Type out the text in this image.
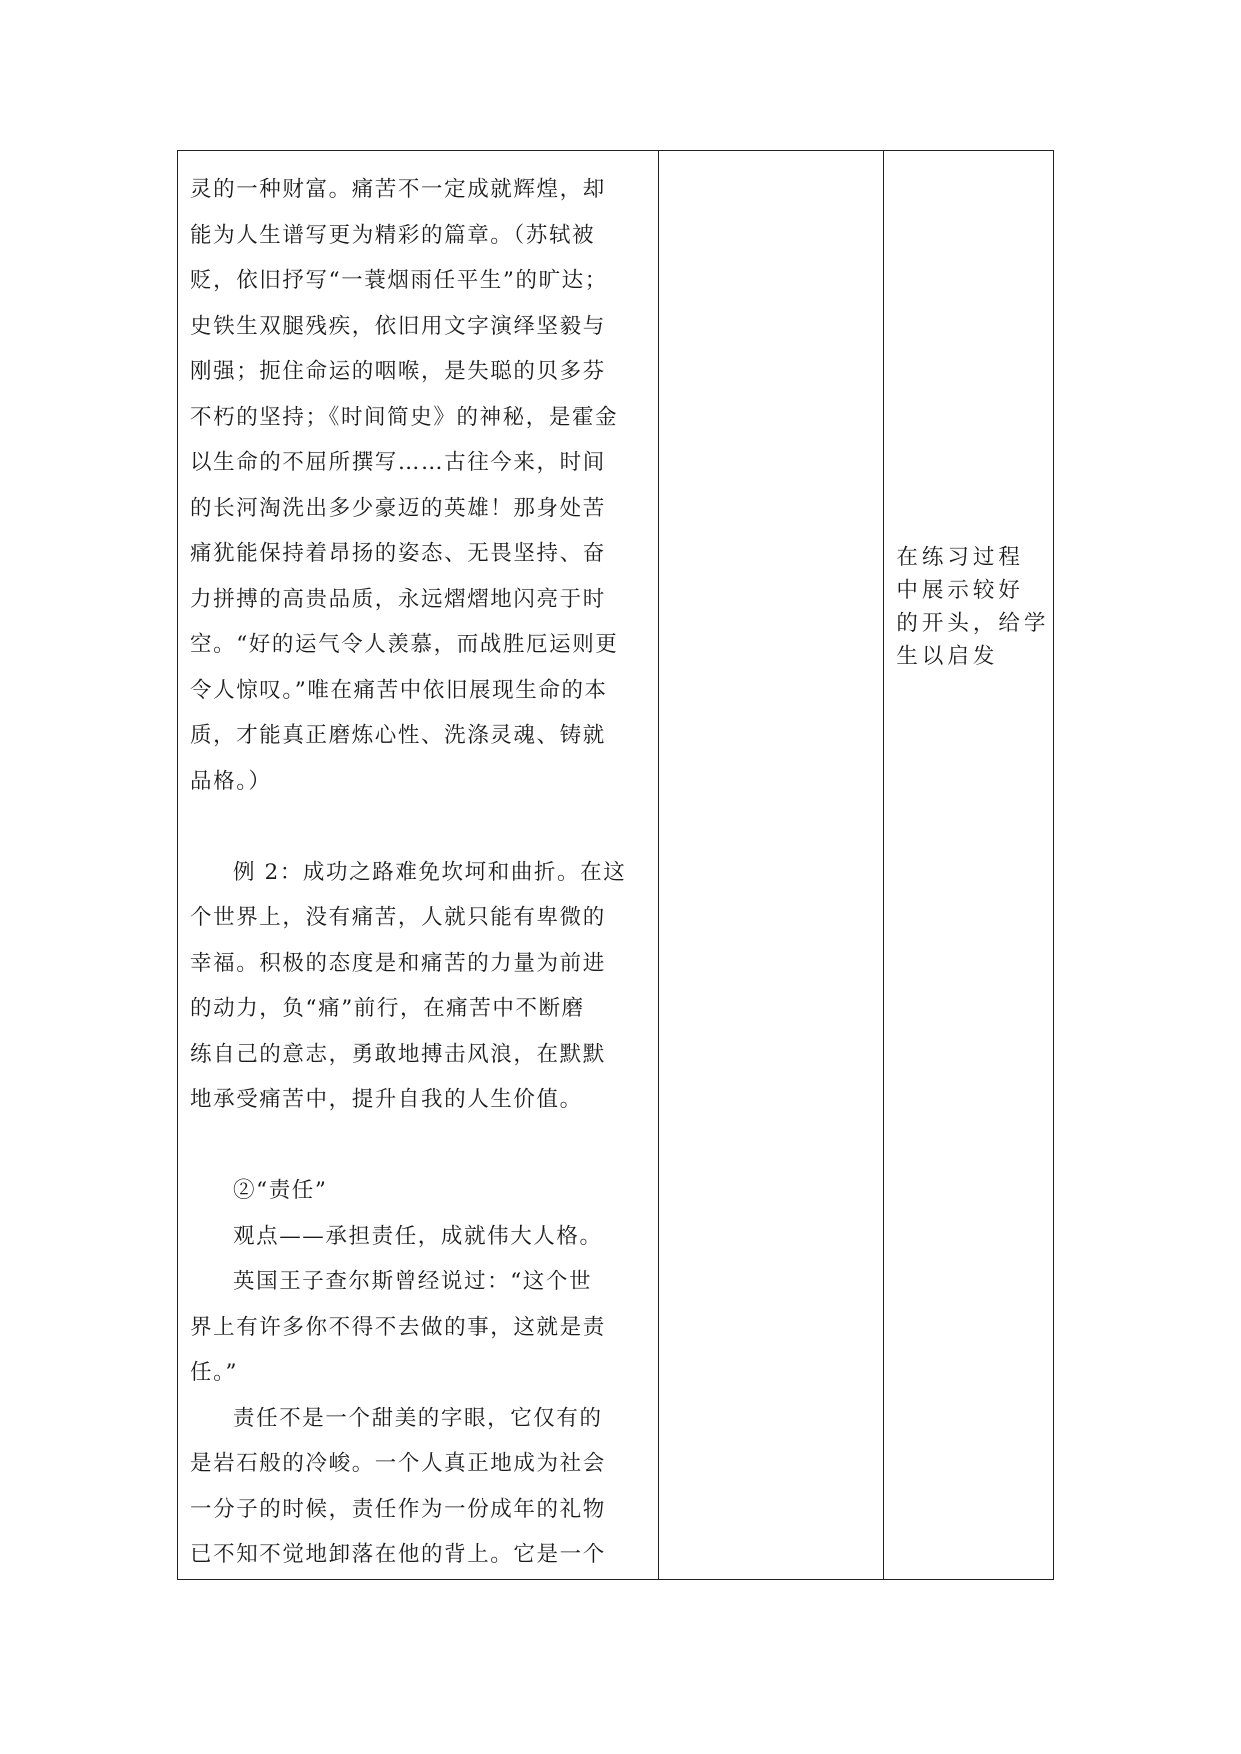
灵的一种财富。痛苦不一定成就辉煌，却
能为人生谱写更为精彩的篇章。（苏轼被
贬，依旧抒写“一蓑烟雨任平生”的旷达；
史铁生双腿残疾，依旧用文字演绎坚毅与
刚强；扼住命运的咽喉，是失聪的贝多芬
不朽的坚持；《时间简史》的神秘，是霍金
以生命的不屈所撰写……古往今来，时间
的长河淘洗出多少豪迈的英雄！那身处苦
痛犹能保持着昂扬的姿态、无畏坚持、奋
力拼搏的高贵品质，永远熠熠地闪亮于时
空。“好的运气令人羡慕，而战胜厄运则更
令人惊叹。”唯在痛苦中依旧展现生命的本
质，才能真正磨炼心性、洗涤灵魂、铸就
品格。）
例 2：成功之路难免坎坷和曲折。在这
个世界上，没有痛苦，人就只能有卑微的
幸福。积极的态度是和痛苦的力量为前进
的动力，负“痛”前行，在痛苦中不断磨
练自己的意志，勇敢地搏击风浪，在默默
地承受痛苦中，提升自我的人生价值。
②“责任”
观点——承担责任，成就伟大人格。
英国王子查尔斯曾经说过：“这个世
界上有许多你不得不去做的事，这就是责
任。”
责任不是一个甜美的字眼，它仅有的
是岩石般的冷峻。一个人真正地成为社会
一分子的时候，责任作为一份成年的礼物
已不知不觉地卸落在他的背上。它是一个
在练习过程
中展示较好
的开头，给学
生以启发
